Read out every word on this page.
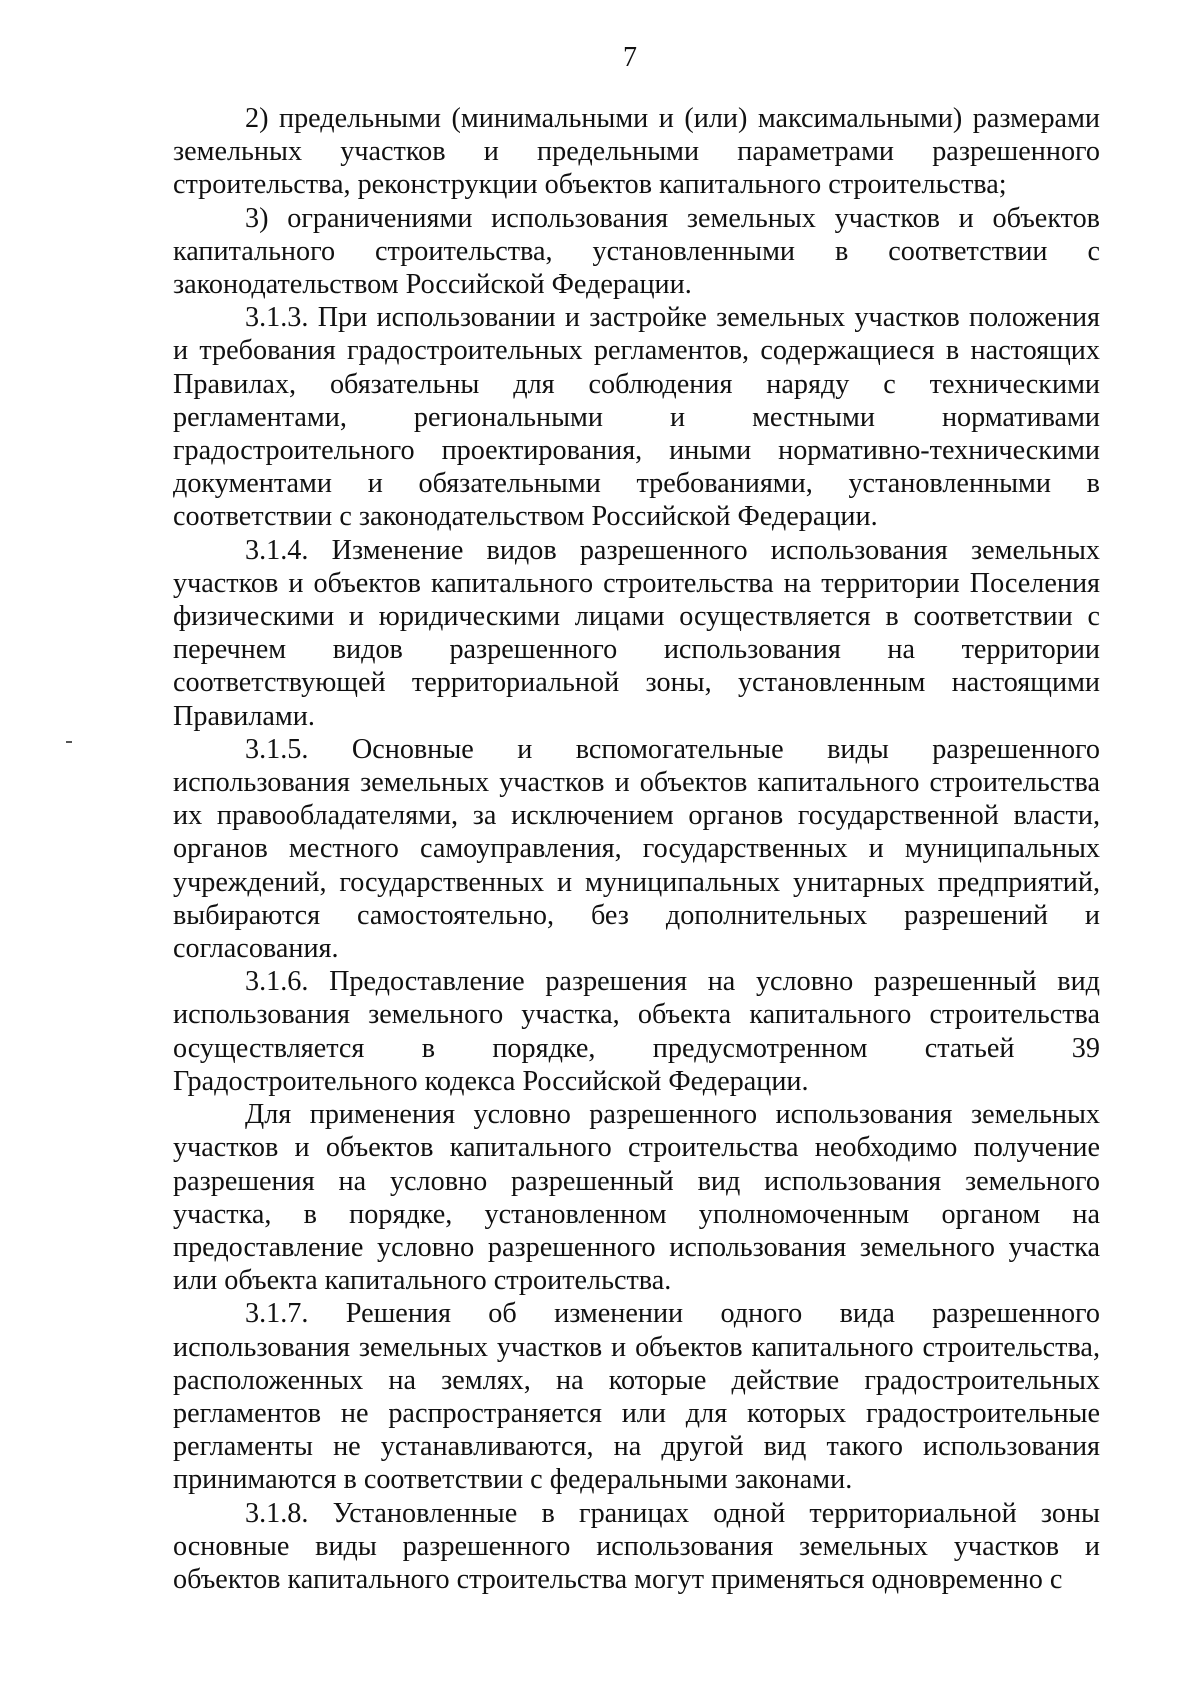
7

2) предельными (минимальными и (или) максимальными) размерами земельных участков и предельными параметрами разрешенного строительства, реконструкции объектов капитального строительства;

3) ограничениями использования земельных участков и объектов капитального строительства, установленными в соответствии с законодательством Российской Федерации.

3.1.3. При использовании и застройке земельных участков положения и требования градостроительных регламентов, содержащиеся в настоящих Правилах, обязательны для соблюдения наряду с техническими регламентами, региональными и местными нормативами градостроительного проектирования, иными нормативно-техническими документами и обязательными требованиями, установленными в соответствии с законодательством Российской Федерации.

3.1.4. Изменение видов разрешенного использования земельных участков и объектов капитального строительства на территории Поселения физическими и юридическими лицами осуществляется в соответствии с перечнем видов разрешенного использования на территории соответствующей территориальной зоны, установленным настоящими Правилами.

3.1.5. Основные и вспомогательные виды разрешенного использования земельных участков и объектов капитального строительства их правообладателями, за исключением органов государственной власти, органов местного самоуправления, государственных и муниципальных учреждений, государственных и муниципальных унитарных предприятий, выбираются самостоятельно, без дополнительных разрешений и согласования.

3.1.6. Предоставление разрешения на условно разрешенный вид использования земельного участка, объекта капитального строительства осуществляется в порядке, предусмотренном статьей 39 Градостроительного кодекса Российской Федерации.

Для применения условно разрешенного использования земельных участков и объектов капитального строительства необходимо получение разрешения на условно разрешенный вид использования земельного участка, в порядке, установленном уполномоченным органом на предоставление условно разрешенного использования земельного участка или объекта капитального строительства.

3.1.7. Решения об изменении одного вида разрешенного использования земельных участков и объектов капитального строительства, расположенных на землях, на которые действие градостроительных регламентов не распространяется или для которых градостроительные регламенты не устанавливаются, на другой вид такого использования принимаются в соответствии с федеральными законами.

3.1.8. Установленные в границах одной территориальной зоны основные виды разрешенного использования земельных участков и объектов капитального строительства могут применяться одновременно с
